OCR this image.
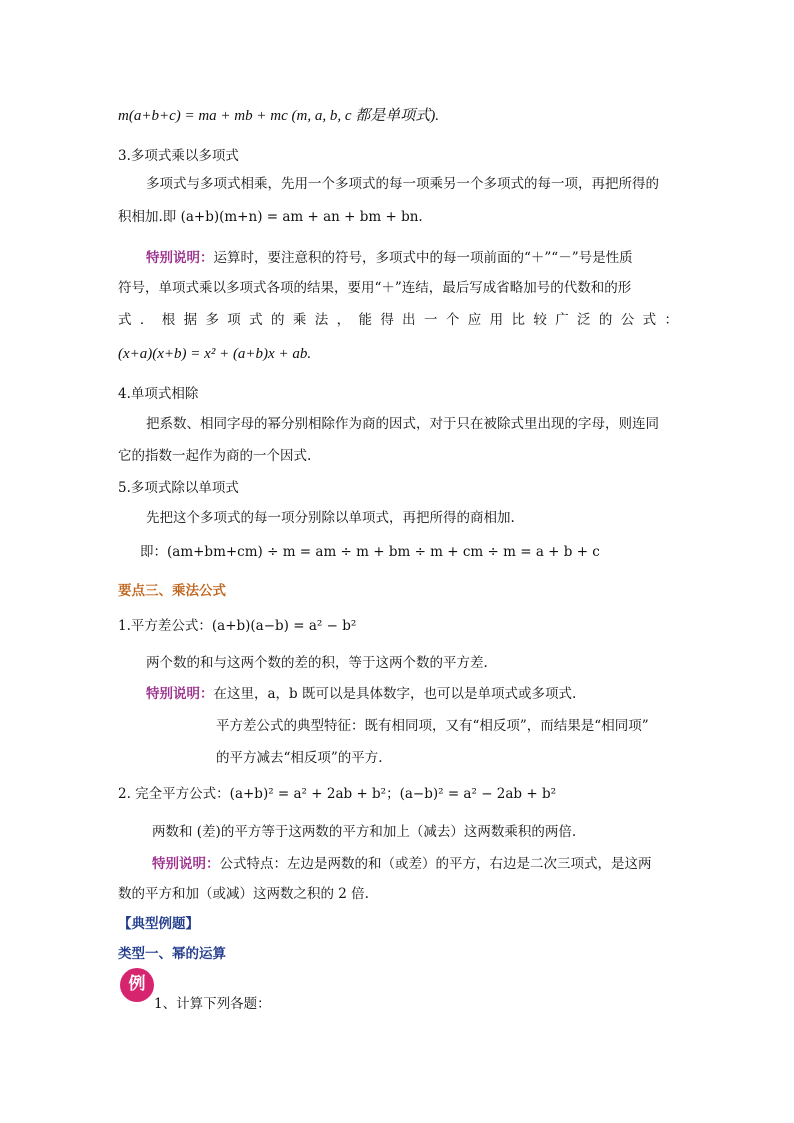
m(a+b+c) = ma + mb + mc (m, a, b, c 都是单项式).
3.多项式乘以多项式
多项式与多项式相乘，先用一个多项式的每一项乘另一个多项式的每一项，再把所得的
积相加.即 (a+b)(m+n) = am + an + bm + bn.
特别说明：运算时，要注意积的符号，多项式中的每一项前面的“＋”“－”号是性质
符号，单项式乘以多项式各项的结果，要用“＋”连结，最后写成省略加号的代数和的形
式．根据多项式的乘法，能得出一个应用比较广泛的公式：
(x+a)(x+b) = x² + (a+b)x + ab.
4.单项式相除
把系数、相同字母的幂分别相除作为商的因式，对于只在被除式里出现的字母，则连同
它的指数一起作为商的一个因式.
5.多项式除以单项式
先把这个多项式的每一项分别除以单项式，再把所得的商相加.
即：(am+bm+cm) ÷ m = am ÷ m + bm ÷ m + cm ÷ m = a + b + c
要点三、乘法公式
1.平方差公式：(a+b)(a−b) = a² − b²
两个数的和与这两个数的差的积，等于这两个数的平方差.
特别说明：在这里，a，b 既可以是具体数字，也可以是单项式或多项式.
平方差公式的典型特征：既有相同项，又有“相反项”，而结果是“相同项”
的平方减去“相反项”的平方.
2. 完全平方公式：(a+b)² = a² + 2ab + b²；(a−b)² = a² − 2ab + b²
两数和 (差)的平方等于这两数的平方和加上（减去）这两数乘积的两倍.
特别说明：公式特点：左边是两数的和（或差）的平方，右边是二次三项式，是这两
数的平方和加（或减）这两数之积的 2 倍.
【典型例题】
类型一、幂的运算
例
1、计算下列各题：
